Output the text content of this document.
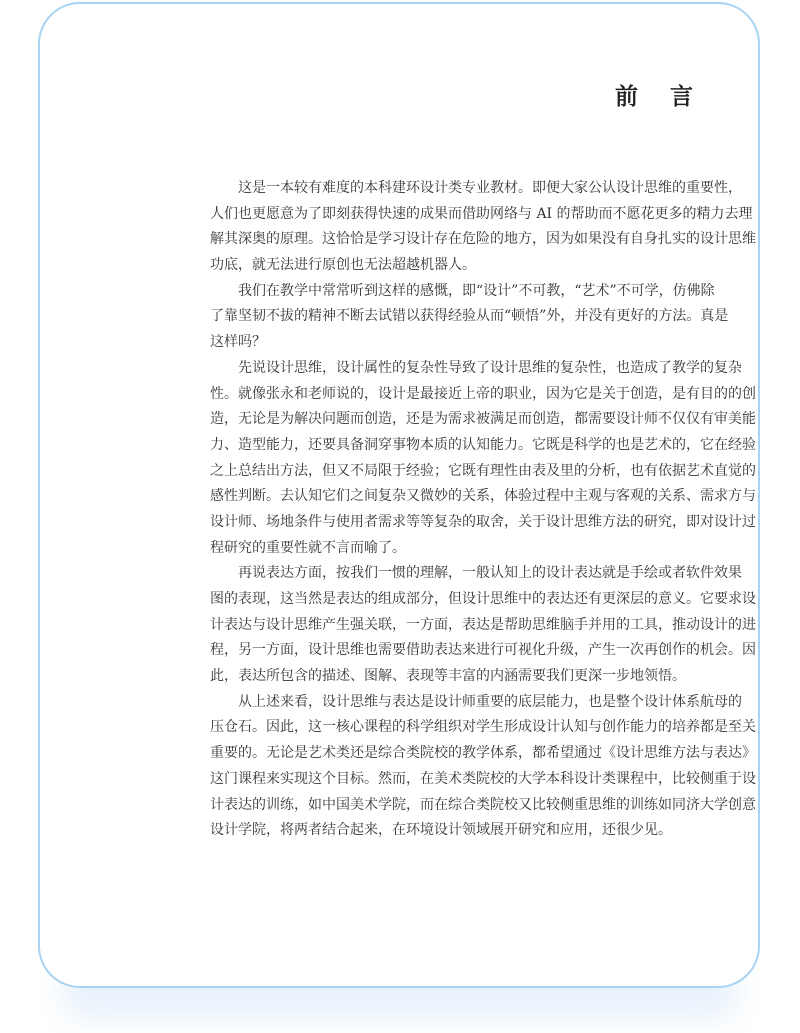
前 言
这是一本较有难度的本科建环设计类专业教材。即便大家公认设计思维的重要性，
人们也更愿意为了即刻获得快速的成果而借助网络与 AI 的帮助而不愿花更多的精力去理
解其深奥的原理。这恰恰是学习设计存在危险的地方，因为如果没有自身扎实的设计思维
功底，就无法进行原创也无法超越机器人。
我们在教学中常常听到这样的感慨，即“设计”不可教，“艺术”不可学，仿佛除
了靠坚韧不拔的精神不断去试错以获得经验从而“顿悟”外，并没有更好的方法。真是
这样吗？
先说设计思维，设计属性的复杂性导致了设计思维的复杂性，也造成了教学的复杂
性。就像张永和老师说的，设计是最接近上帝的职业，因为它是关于创造，是有目的的创
造，无论是为解决问题而创造，还是为需求被满足而创造，都需要设计师不仅仅有审美能
力、造型能力，还要具备洞穿事物本质的认知能力。它既是科学的也是艺术的，它在经验
之上总结出方法，但又不局限于经验；它既有理性由表及里的分析，也有依据艺术直觉的
感性判断。去认知它们之间复杂又微妙的关系，体验过程中主观与客观的关系、需求方与
设计师、场地条件与使用者需求等等复杂的取舍，关于设计思维方法的研究，即对设计过
程研究的重要性就不言而喻了。
再说表达方面，按我们一惯的理解，一般认知上的设计表达就是手绘或者软件效果
图的表现，这当然是表达的组成部分，但设计思维中的表达还有更深层的意义。它要求设
计表达与设计思维产生强关联，一方面，表达是帮助思维脑手并用的工具，推动设计的进
程，另一方面，设计思维也需要借助表达来进行可视化升级，产生一次再创作的机会。因
此，表达所包含的描述、图解、表现等丰富的内涵需要我们更深一步地领悟。
从上述来看，设计思维与表达是设计师重要的底层能力，也是整个设计体系航母的
压仓石。因此，这一核心课程的科学组织对学生形成设计认知与创作能力的培养都是至关
重要的。无论是艺术类还是综合类院校的教学体系，都希望通过《设计思维方法与表达》
这门课程来实现这个目标。然而，在美术类院校的大学本科设计类课程中，比较侧重于设
计表达的训练，如中国美术学院，而在综合类院校又比较侧重思维的训练如同济大学创意
设计学院，将两者结合起来，在环境设计领域展开研究和应用，还很少见。
